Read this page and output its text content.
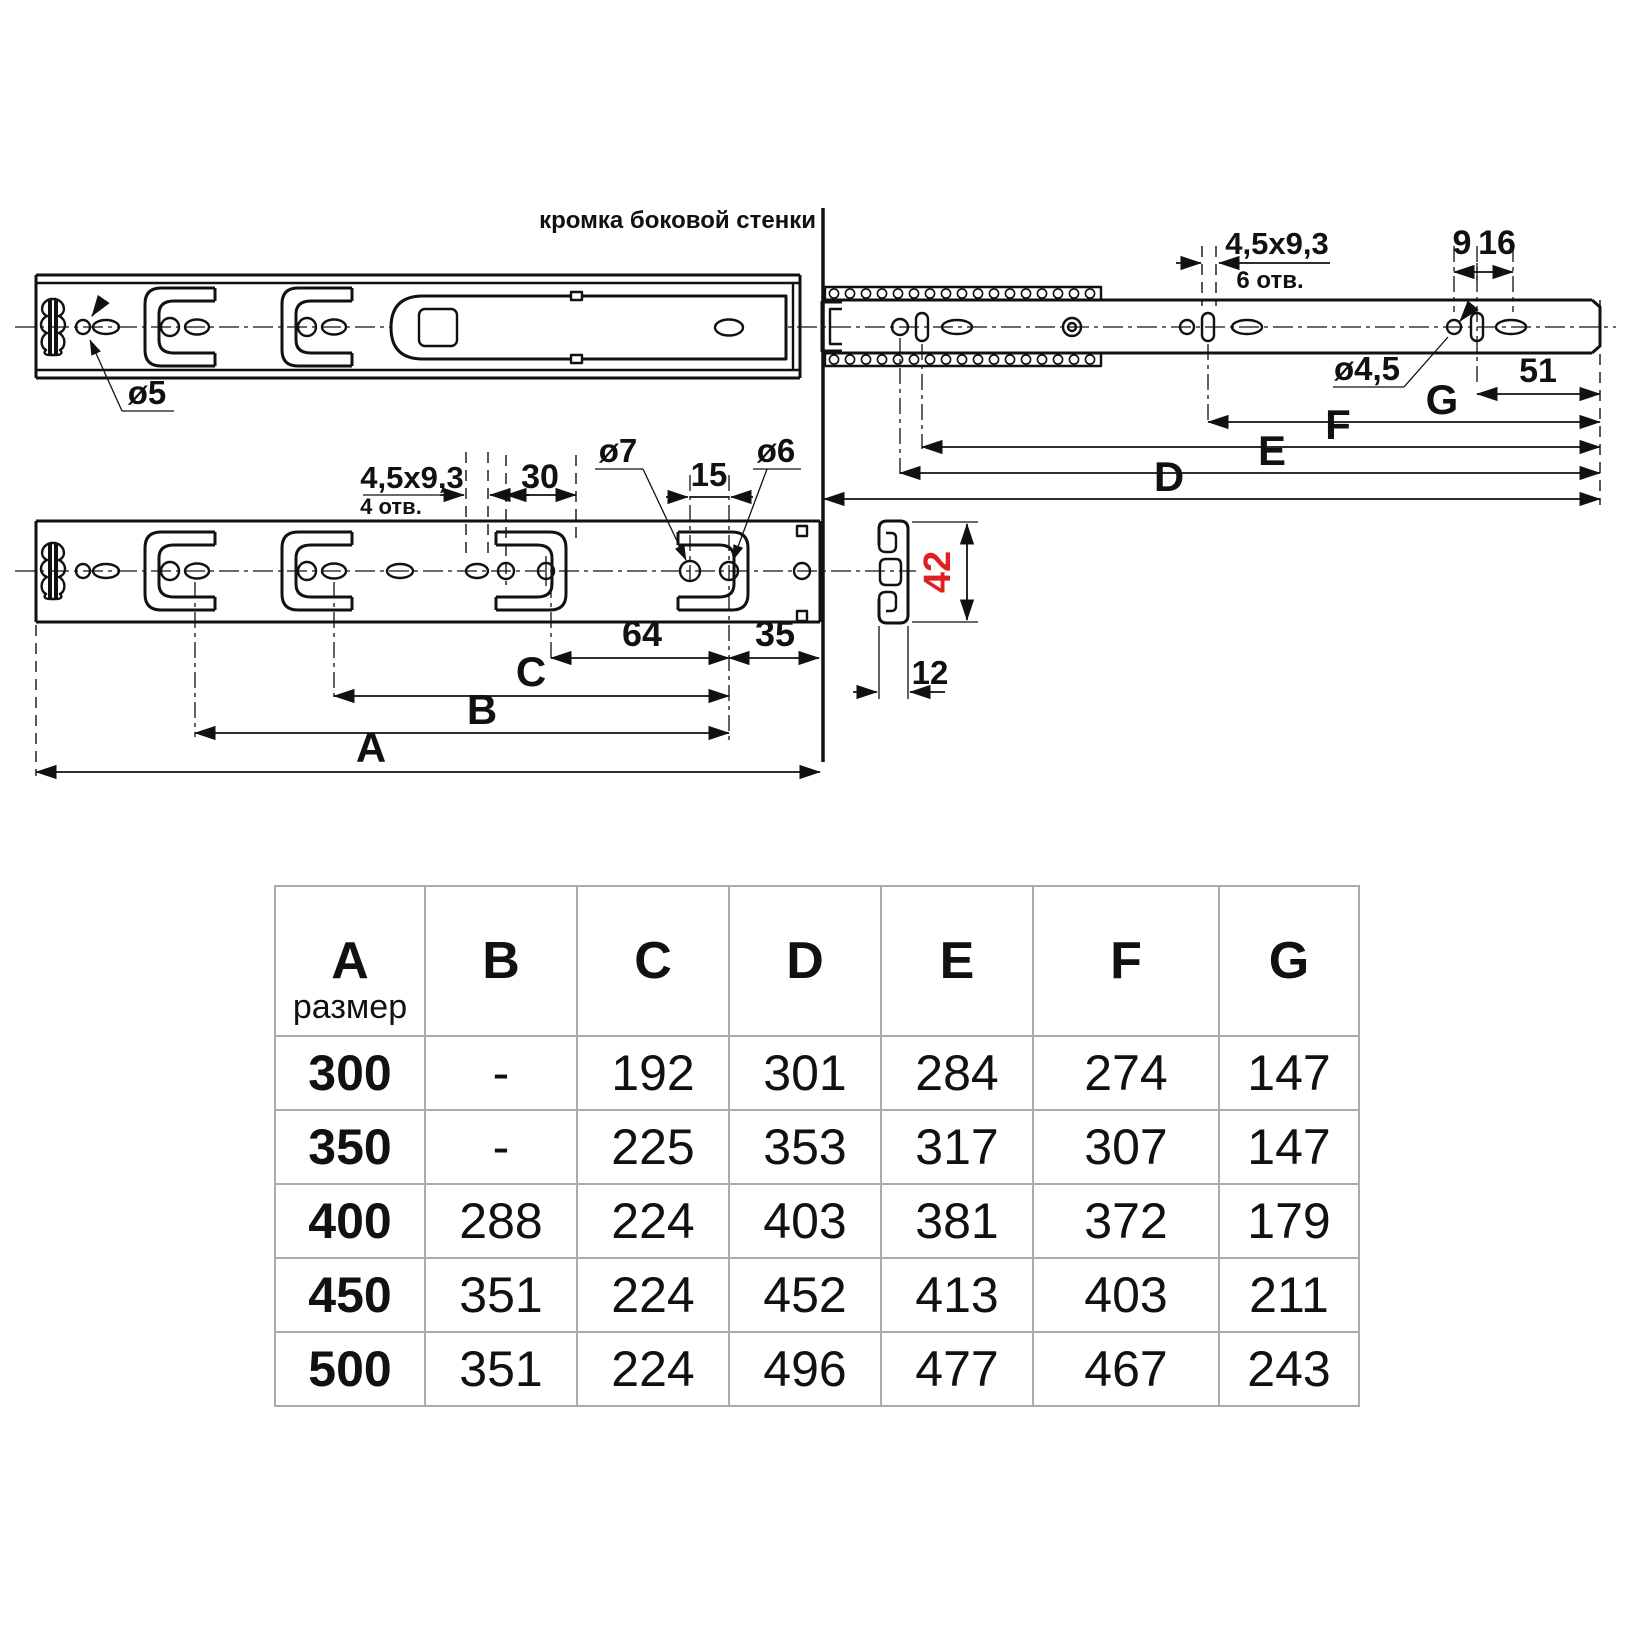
кромка боковой стенки
42
12
ø5
4,5x9,3
6 отв.
9 16
ø4,5	51
G
F
E
D
4,5x9,3
4 отв.
30
ø7
15
ø6
64	35
C
B
A
A
размер	B	C	D	E	F	G
300	-	192	301	284	274	147
350	-	225	353	317	307	147
400	288	224	403	381	372	179
450	351	224	452	413	403	211
500	351	224	496	477	467	243
